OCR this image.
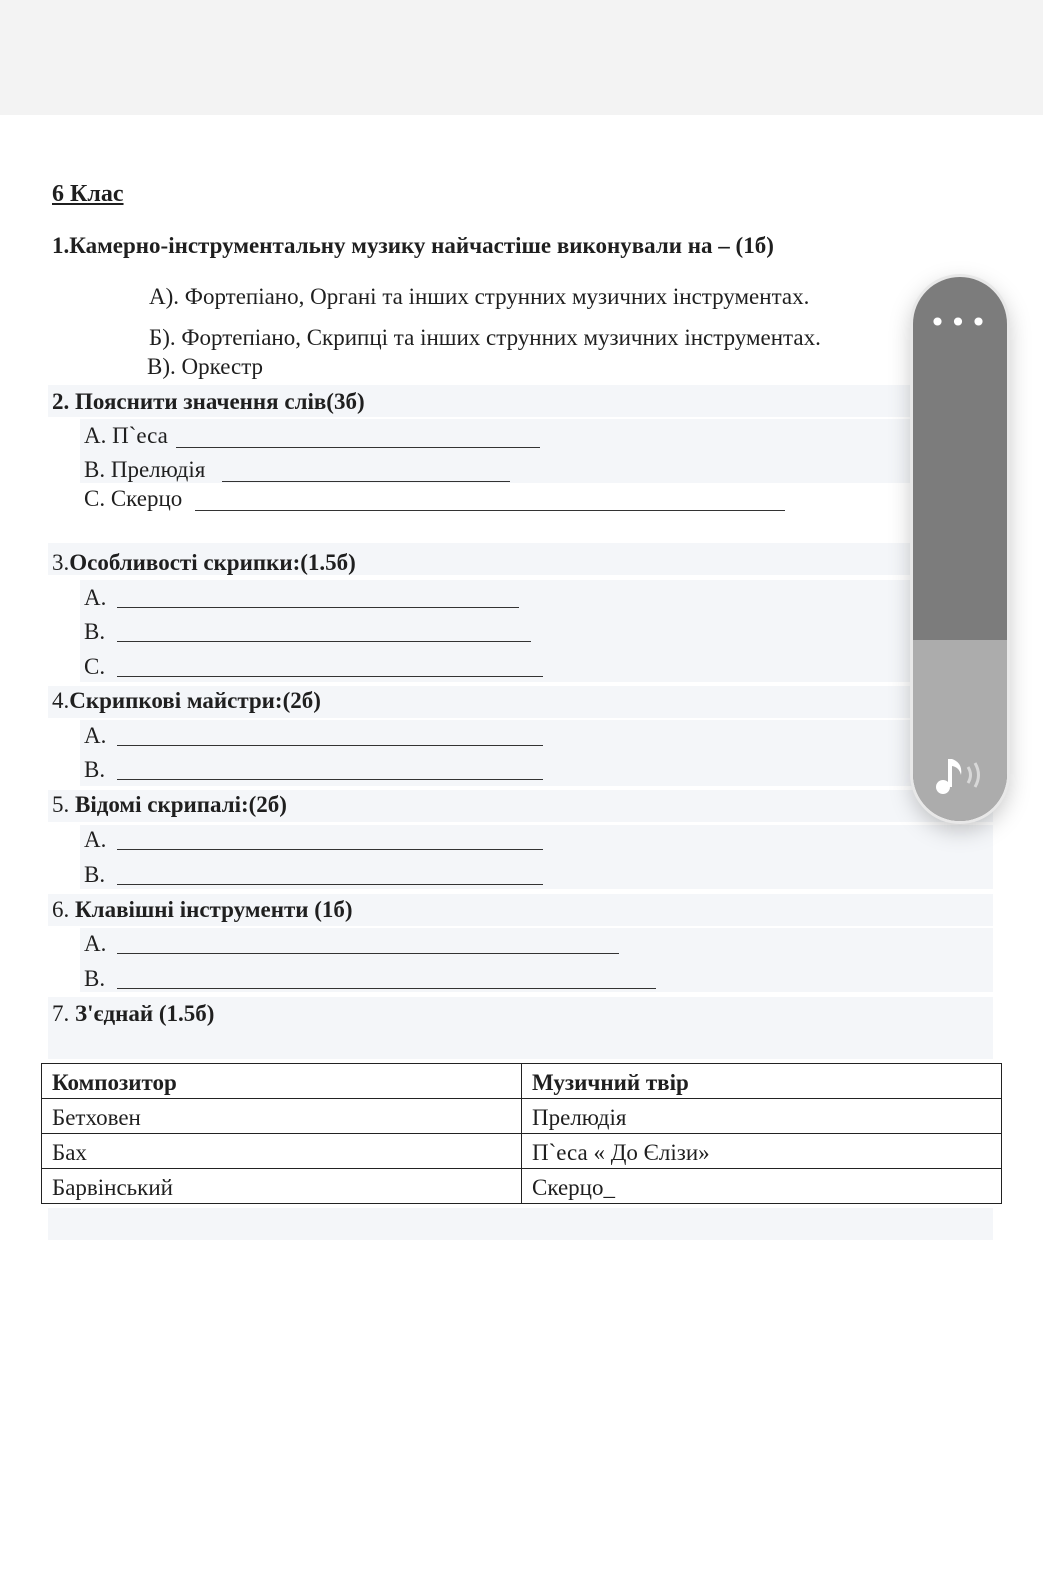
6 Клас
1.Камерно-інструментальну музику найчастіше виконували на – (1б)
А). Фортепіано, Органі та інших струнних музичних інструментах.
Б). Фортепіано, Скрипці та інших струнних музичних інструментах.
В). Оркестр
2. Пояснити значення слів(3б)
A. П`еса
B. Прелюдія
C. Скерцо
3.Особливості скрипки:(1.5б)
A.
B.
C.
4.Скрипкові майстри:(2б)
A.
B.
5. Відомі скрипалі:(2б)
A.
B.
6. Клавішні інструменти (1б)
A.
B.
7. З'єднай (1.5б)
Композитор	Музичний твір
Бетховен	Прелюдія
Бах	П`еса « До Єлізи»
Барвінський	Скерцо_
•••
